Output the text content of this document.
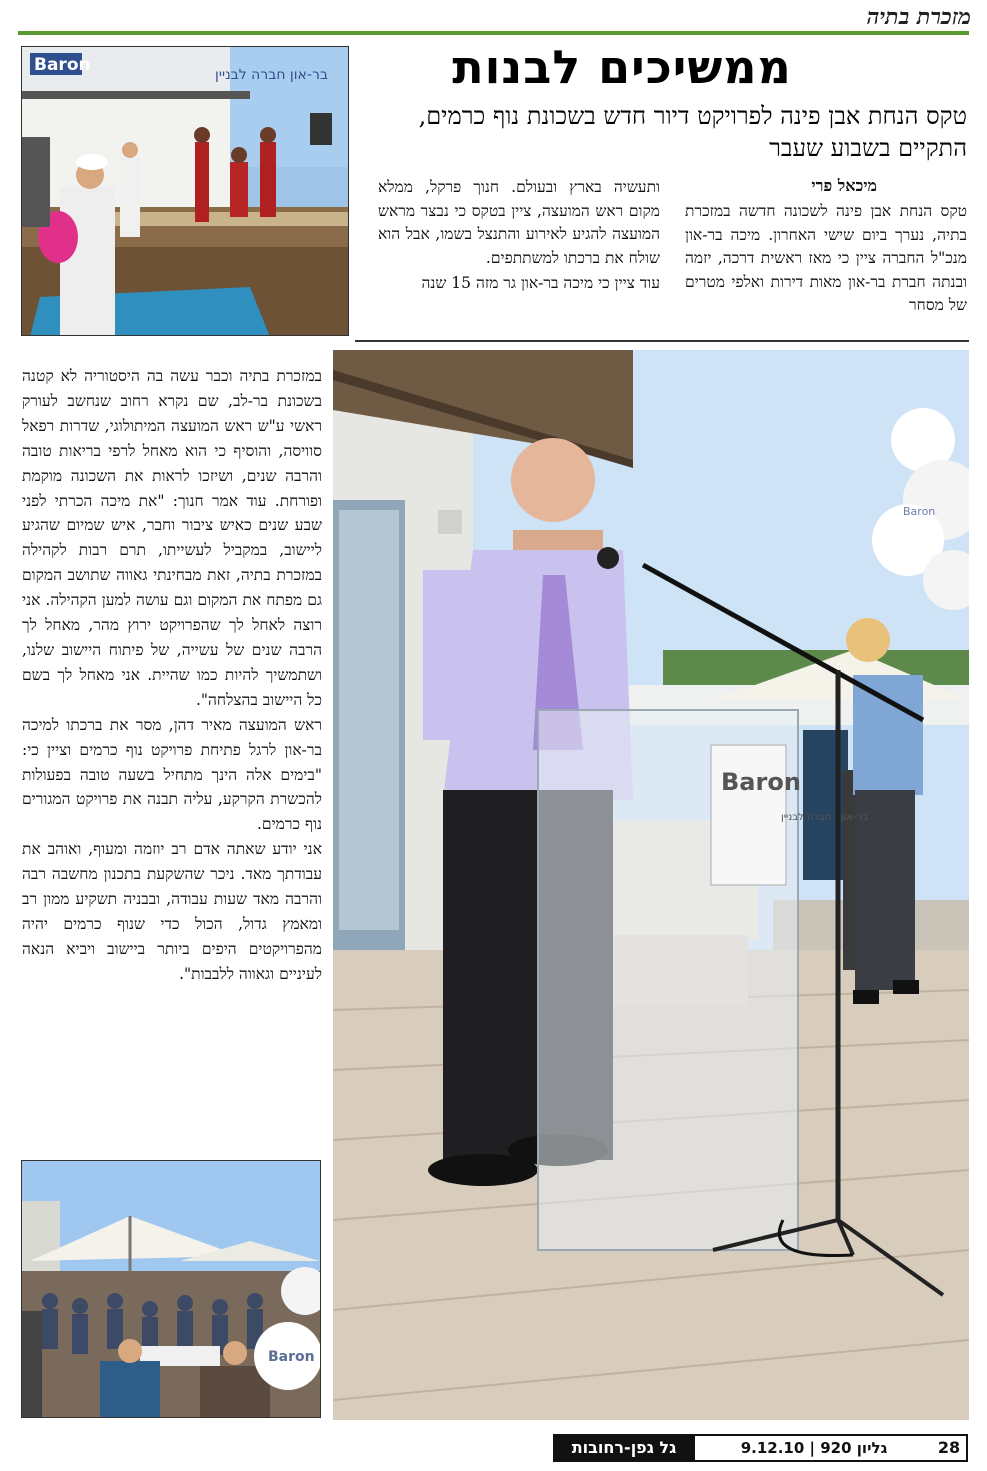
מזכרת בתיה
ממשיכים לבנות
טקס הנחת אבן פינה לפרויקט דיור חדש בשכונת נוף כרמים, התקיים בשבוע שעבר
מיכאל פרי

טקס הנחת אבן פינה לשכונה חדשה במזכרת בתיה, נערך ביום שישי האחרון. מיכה בר-און מנכ"ל החברה ציין כי מאז ראשית דרכה, יזמה ובנתה חברת בר-און מאות דירות ואלפי מטרים של מסחר

ותעשיה בארץ ובעולם. חנוך פרקל, ממלא מקום ראש המועצה, ציין בטקס כי נבצר מראש המועצה להגיע לאירוע והתנצל בשמו, אבל הוא שולח את ברכתו למשתתפים.

עוד ציין כי מיכה בר-און גר מזה 15 שנה

במזכרת בתיה וכבר עשה בה היסטוריה לא קטנה בשכונת בר-לב, שם נקרא רחוב שנחשב לעורק ראשי ע"ש ראש המועצה המיתולוגי, שדרות רפאל סוויסה, והוסיף כי הוא מאחל לרפי בריאות טובה והרבה שנים, ושיזכו לראות את השכונה מוקמת ופורחת. עוד אמר חנוך: "את מיכה הכרתי לפני שבע שנים כאיש ציבור וחבר, איש שמיום שהגיע ליישוב, במקביל לעשייתו, תרם רבות לקהילה במזכרת בתיה, זאת מבחינתי גאווה שתושב המקום גם מפתח את המקום וגם עושה למען הקהילה. אני רוצה לאחל לך שהפרויקט ירוץ מהר, מאחל לך הרבה שנים של עשייה, של פיתוח היישוב שלנו, ושתמשיך להיות כמו שהיית. אני מאחל לך בשם כל היישוב בהצלחה".

ראש המועצה מאיר דהן, מסר את ברכתו למיכה בר-און לרגל פתיחת פרויקט נוף כרמים וציין כי: "בימים אלה הינך מתחיל בשעה טובה בפעולות להכשרת הקרקע, עליה תבנה את פרויקט המגורים נוף כרמים.

אני יודע שאתה אדם רב יוזמה ומעוף, ואוהב את עבודתך מאד. ניכר שהשקעת בתכנון מחשבה רבה והרבה מאד שעות עבודה, ובבניה תשקיע ממון רב ומאמץ גדול, הכול כדי שנוף כרמים יהיה מהפרויקטים היפים ביותר ביישוב ויביא הנאה לעיניים וגאווה ללבבות".

Baron	בר-און חברה לבניין
Baron
Baron
בר-און · חברה לבניין
Baron
גל גפן-רחובות	גליון 920 | 9.12.10	28
